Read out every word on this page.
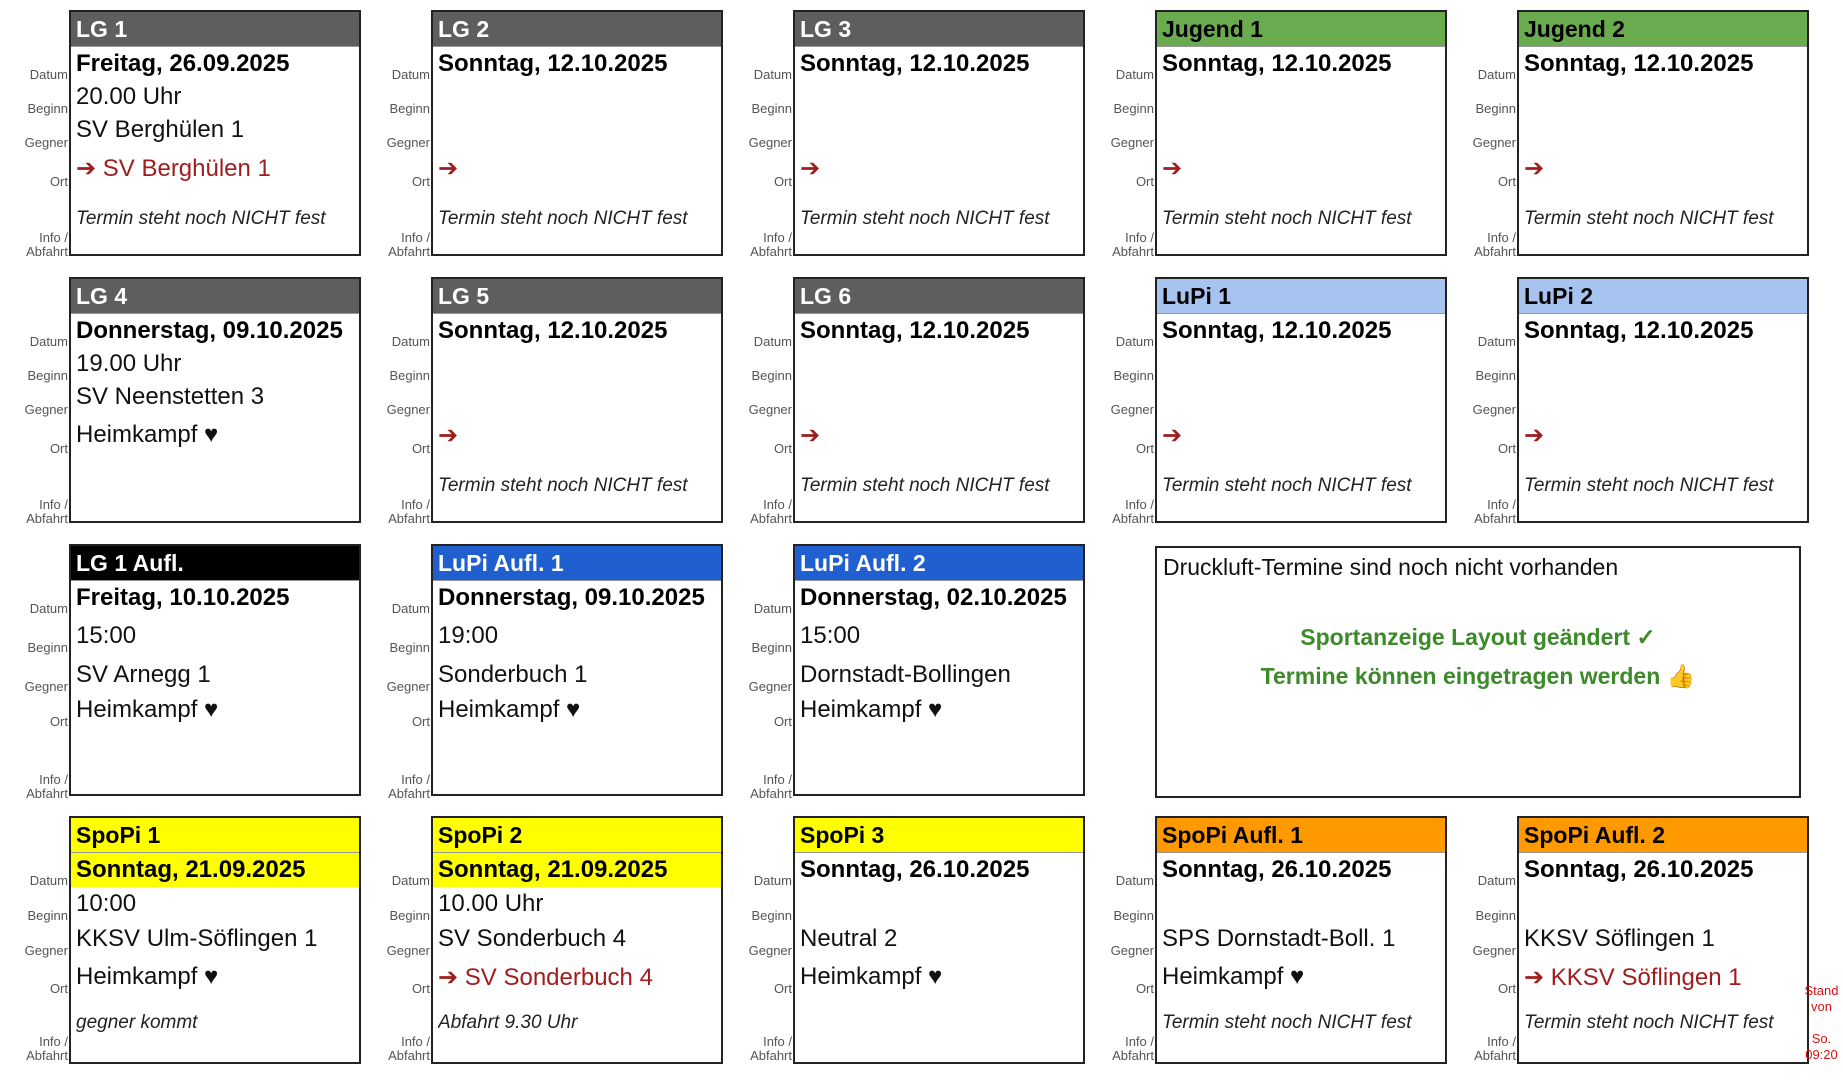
Datum
Beginn
Gegner
Ort
Info /
Abfahrt
LG 1
Freitag, 26.09.2025
20.00 Uhr
SV Berghülen 1
➔ SV Berghülen 1
Termin steht noch NICHT fest
Datum
Beginn
Gegner
Ort
Info /
Abfahrt
LG 2
Sonntag, 12.10.2025
➔
Termin steht noch NICHT fest
Datum
Beginn
Gegner
Ort
Info /
Abfahrt
LG 3
Sonntag, 12.10.2025
➔
Termin steht noch NICHT fest
Datum
Beginn
Gegner
Ort
Info /
Abfahrt
Jugend 1
Sonntag, 12.10.2025
➔
Termin steht noch NICHT fest
Datum
Beginn
Gegner
Ort
Info /
Abfahrt
Jugend 2
Sonntag, 12.10.2025
➔
Termin steht noch NICHT fest
Datum
Beginn
Gegner
Ort
Info /
Abfahrt
LG 4
Donnerstag, 09.10.2025
19.00 Uhr
SV Neenstetten 3
Heimkampf ♥
Datum
Beginn
Gegner
Ort
Info /
Abfahrt
LG 5
Sonntag, 12.10.2025
➔
Termin steht noch NICHT fest
Datum
Beginn
Gegner
Ort
Info /
Abfahrt
LG 6
Sonntag, 12.10.2025
➔
Termin steht noch NICHT fest
Datum
Beginn
Gegner
Ort
Info /
Abfahrt
LuPi 1
Sonntag, 12.10.2025
➔
Termin steht noch NICHT fest
Datum
Beginn
Gegner
Ort
Info /
Abfahrt
LuPi 2
Sonntag, 12.10.2025
➔
Termin steht noch NICHT fest
Datum
Beginn
Gegner
Ort
Info /
Abfahrt
LG 1 Aufl.
Freitag, 10.10.2025
15:00
SV Arnegg 1
Heimkampf ♥
Datum
Beginn
Gegner
Ort
Info /
Abfahrt
LuPi Aufl. 1
Donnerstag, 09.10.2025
19:00
Sonderbuch 1
Heimkampf ♥
Datum
Beginn
Gegner
Ort
Info /
Abfahrt
LuPi Aufl. 2
Donnerstag, 02.10.2025
15:00
Dornstadt-Bollingen
Heimkampf ♥
Datum
Beginn
Gegner
Ort
Info /
Abfahrt
SpoPi 1
Sonntag, 21.09.2025
10:00
KKSV Ulm-Söflingen 1
Heimkampf ♥
gegner kommt
Datum
Beginn
Gegner
Ort
Info /
Abfahrt
SpoPi 2
Sonntag, 21.09.2025
10.00 Uhr
SV Sonderbuch 4
➔ SV Sonderbuch 4
Abfahrt 9.30 Uhr
Datum
Beginn
Gegner
Ort
Info /
Abfahrt
SpoPi 3
Sonntag, 26.10.2025
Neutral 2
Heimkampf ♥
Datum
Beginn
Gegner
Ort
Info /
Abfahrt
SpoPi Aufl. 1
Sonntag, 26.10.2025
SPS Dornstadt-Boll. 1
Heimkampf ♥
Termin steht noch NICHT fest
Datum
Beginn
Gegner
Ort
Info /
Abfahrt
SpoPi Aufl. 2
Sonntag, 26.10.2025
KKSV Söflingen 1
➔ KKSV Söflingen 1
Termin steht noch NICHT fest
Druckluft-Termine sind noch nicht vorhanden
Sportanzeige Layout geändert ✓
Termine können eingetragen werden 👍
Stand
von
So.
09:20
